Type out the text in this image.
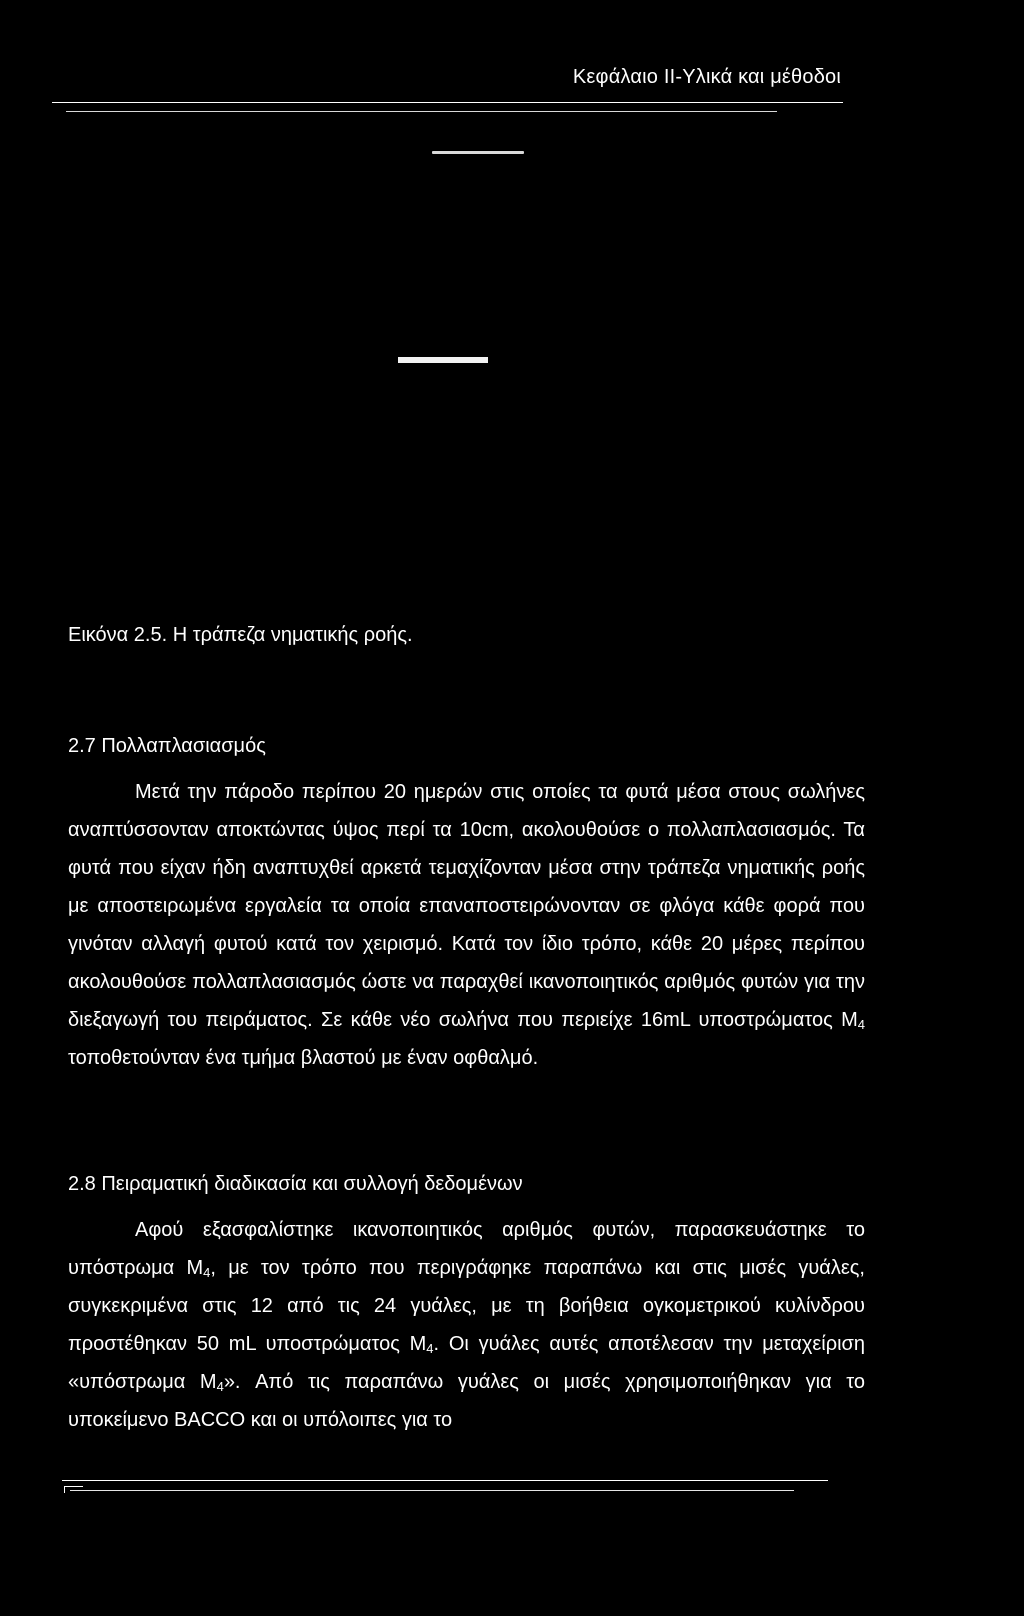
Κεφάλαιο ΙΙ-Υλικά και μέθοδοι
Εικόνα 2.5. Η τράπεζα νηματικής ροής.
2.7 Πολλαπλασιασμός

Μετά την πάροδο περίπου 20 ημερών στις οποίες τα φυτά μέσα στους σωλήνες αναπτύσσονταν αποκτώντας ύψος περί τα 10cm, ακολουθούσε ο πολλαπλασιασμός. Τα φυτά που είχαν ήδη αναπτυχθεί αρκετά τεμαχίζονταν μέσα στην τράπεζα νηματικής ροής με αποστειρωμένα εργαλεία τα οποία επαναποστειρώνονταν σε φλόγα κάθε φορά που γινόταν αλλαγή φυτού κατά τον χειρισμό. Κατά τον ίδιο τρόπο, κάθε 20 μέρες περίπου ακολουθούσε πολλαπλασιασμός ώστε να παραχθεί ικανοποιητικός αριθμός φυτών για την διεξαγωγή του πειράματος. Σε κάθε νέο σωλήνα που περιείχε 16mL υποστρώματος $M_4$ τοποθετούνταν ένα τμήμα βλαστού με έναν οφθαλμό.

2.8 Πειραματική διαδικασία και συλλογή δεδομένων

Αφού εξασφαλίστηκε ικανοποιητικός αριθμός φυτών, παρασκευάστηκε το υπόστρωμα $M_4$, με τον τρόπο που περιγράφηκε παραπάνω και στις μισές γυάλες, συγκεκριμένα στις 12 από τις 24 γυάλες, με τη βοήθεια ογκομετρικού κυλίνδρου προστέθηκαν 50 mL υποστρώματος $M_4$. Οι γυάλες αυτές αποτέλεσαν την μεταχείριση «υπόστρωμα $M_4$». Από τις παραπάνω γυάλες οι μισές χρησιμοποιήθηκαν για το υποκείμενο BACCO και οι υπόλοιπες για το
